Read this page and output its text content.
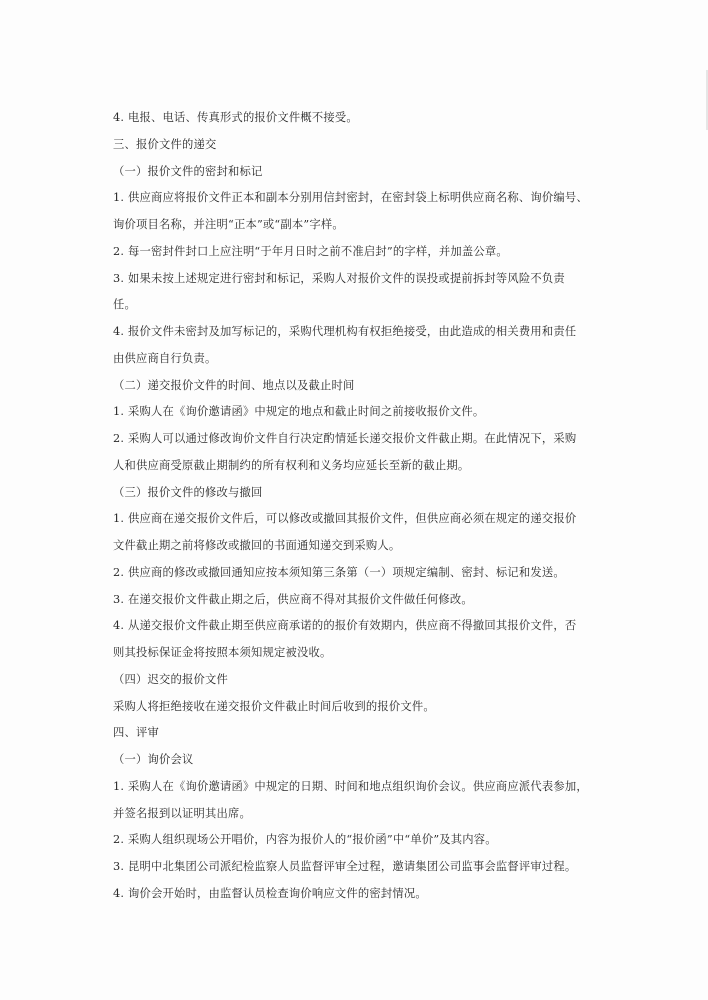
4. 电报、电话、传真形式的报价文件概不接受。
三、报价文件的递交
（一）报价文件的密封和标记
1. 供应商应将报价文件正本和副本分别用信封密封，在密封袋上标明供应商名称、询价编号、
询价项目名称，并注明“正本”或“副本”字样。
2. 每一密封件封口上应注明“于年月日时之前不准启封”的字样，并加盖公章。
3. 如果未按上述规定进行密封和标记，采购人对报价文件的误投或提前拆封等风险不负责
任。
4. 报价文件未密封及加写标记的，采购代理机构有权拒绝接受，由此造成的相关费用和责任
由供应商自行负责。
（二）递交报价文件的时间、地点以及截止时间
1. 采购人在《询价邀请函》中规定的地点和截止时间之前接收报价文件。
2. 采购人可以通过修改询价文件自行决定酌情延长递交报价文件截止期。在此情况下，采购
人和供应商受原截止期制约的所有权利和义务均应延长至新的截止期。
（三）报价文件的修改与撤回
1. 供应商在递交报价文件后，可以修改或撤回其报价文件，但供应商必须在规定的递交报价
文件截止期之前将修改或撤回的书面通知递交到采购人。
2. 供应商的修改或撤回通知应按本须知第三条第（一）项规定编制、密封、标记和发送。
3. 在递交报价文件截止期之后，供应商不得对其报价文件做任何修改。
4. 从递交报价文件截止期至供应商承诺的的报价有效期内，供应商不得撤回其报价文件，否
则其投标保证金将按照本须知规定被没收。
（四）迟交的报价文件
采购人将拒绝接收在递交报价文件截止时间后收到的报价文件。
四、评审
（一）询价会议
1. 采购人在《询价邀请函》中规定的日期、时间和地点组织询价会议。供应商应派代表参加，
并签名报到以证明其出席。
2. 采购人组织现场公开唱价，内容为报价人的“报价函”中“单价”及其内容。
3. 昆明中北集团公司派纪检监察人员监督评审全过程，邀请集团公司监事会监督评审过程。
4. 询价会开始时，由监督认员检查询价响应文件的密封情况。
